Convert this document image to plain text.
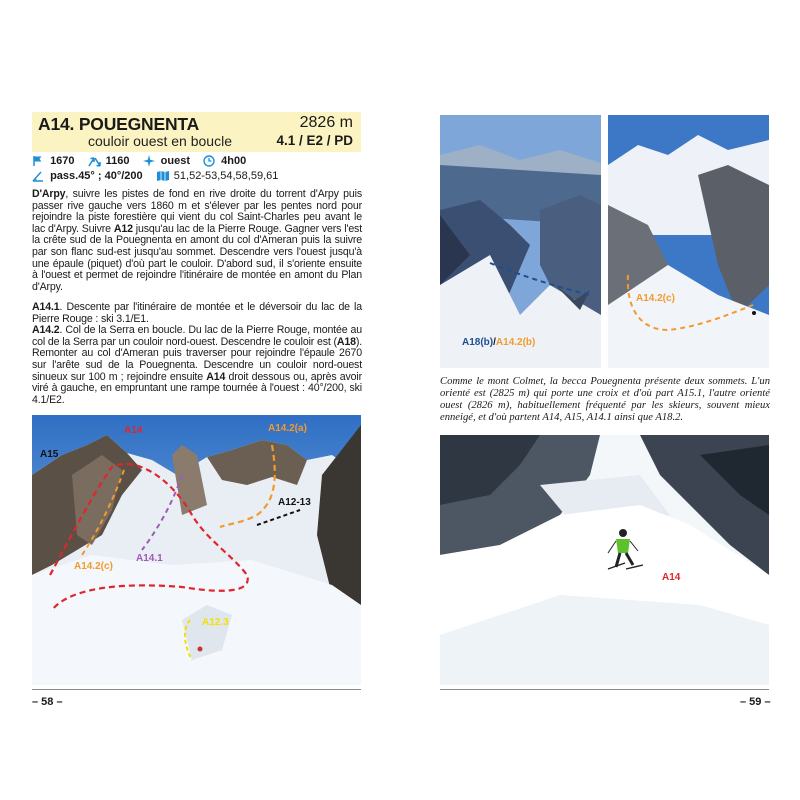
A14. POUEGNENTA
couloir ouest en boucle
2826 m
4.1 / E2 / PD
1670	1160	ouest	4h00
pass.45° ; 40°/200	51,52-53,54,58,59,61

D'Arpy, suivre les pistes de fond en rive droite du torrent d'Arpy puis passer rive gauche vers 1860 m et s'élever par les pentes nord pour rejoindre la piste forestière qui vient du col Saint-Charles peu avant le lac d'Arpy. Suivre A12 jusqu'au lac de la Pierre Rouge. Gagner vers l'est la crête sud de la Pouegnenta en amont du col d'Ameran puis la suivre par son flanc sud-est jusqu'au sommet. Descendre vers l'ouest jusqu'à une épaule (piquet) d'où part le couloir. D'abord sud, il s'oriente ensuite à l'ouest et permet de rejoindre l'itinéraire de montée en amont du Plan d'Arpy.

A14.1. Descente par l'itinéraire de montée et le déversoir du lac de la Pierre Rouge : ski 3.1/E1.

A14.2. Col de la Serra en boucle. Du lac de la Pierre Rouge, montée au col de la Serra par un couloir nord-ouest. Descendre le couloir est (A18). Remonter au col d'Ameran puis traverser pour rejoindre l'épaule 2670 sur l'arête sud de la Pouegnenta. Descendre un couloir nord-ouest sinueux sur 100 m ; rejoindre ensuite A14 droit dessous ou, après avoir viré à gauche, en empruntant une rampe tournée à l'ouest : 40°/200, ski 4.1/E2.

A14	A14.2(a)
A15
A12-13
A14.2(c)
A14.1
A12.3
– 58 –
A18(b)/A14.2(b)
A14.2(c)
Comme le mont Colmet, la becca Pouegnenta présente deux sommets. L'un orienté est (2825 m) qui porte une croix et d'où part A15.1, l'autre orienté ouest (2826 m), habituellement fréquenté par les skieurs, souvent mieux enneigé, et d'où partent A14, A15, A14.1 ainsi que A18.2.
A14
– 59 –
